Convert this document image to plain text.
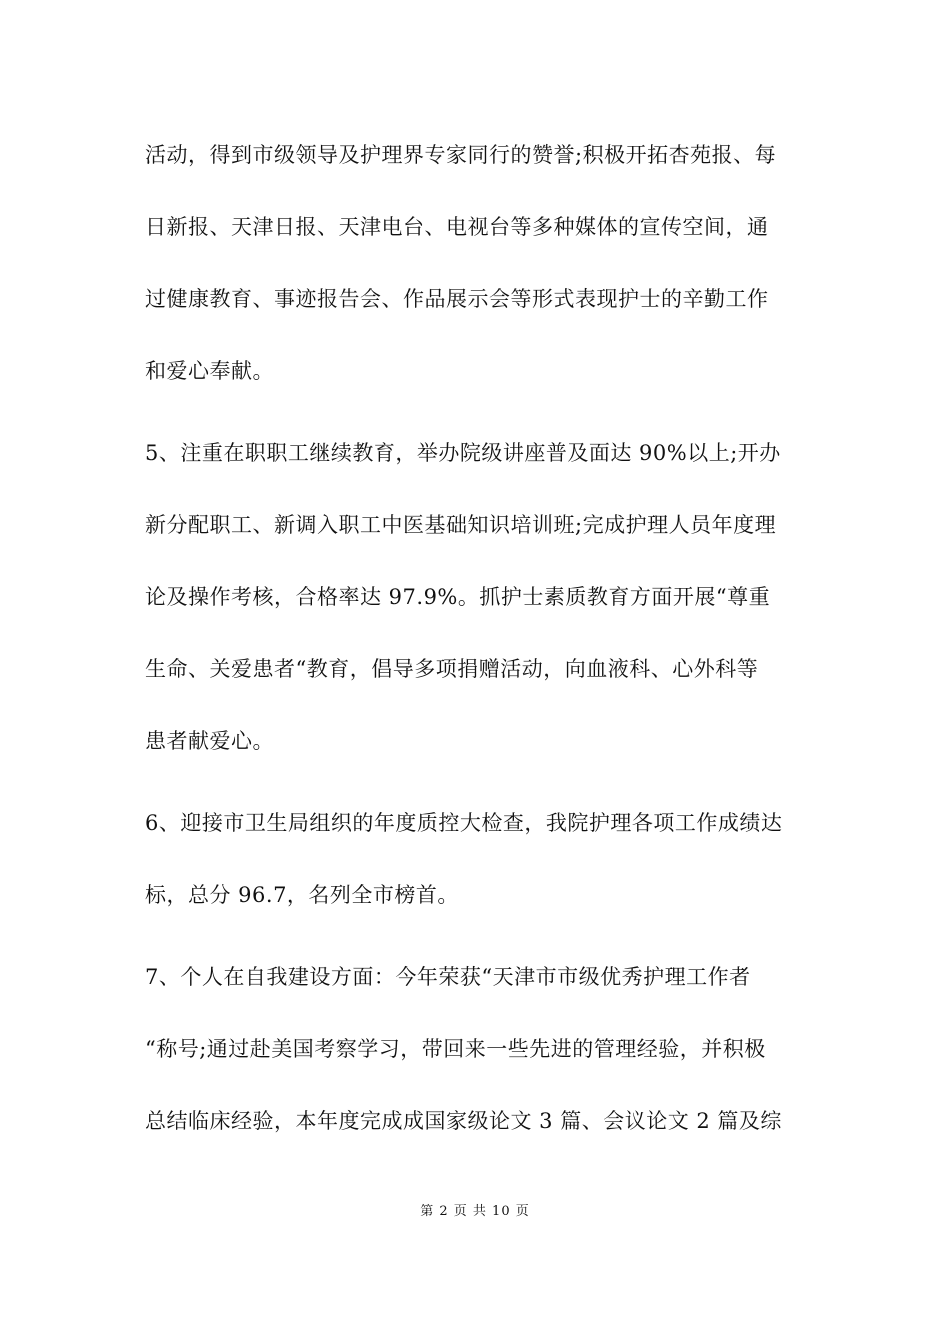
活动，得到市级领导及护理界专家同行的赞誉;积极开拓杏苑报、每
日新报、天津日报、天津电台、电视台等多种媒体的宣传空间，通
过健康教育、事迹报告会、作品展示会等形式表现护士的辛勤工作
和爱心奉献。
5、注重在职职工继续教育，举办院级讲座普及面达 90%以上;开办
新分配职工、新调入职工中医基础知识培训班;完成护理人员年度理
论及操作考核，合格率达 97.9%。抓护士素质教育方面开展“尊重
生命、关爱患者“教育，倡导多项捐赠活动，向血液科、心外科等
患者献爱心。
6、迎接市卫生局组织的年度质控大检查，我院护理各项工作成绩达
标，总分 96.7，名列全市榜首。
7、个人在自我建设方面：今年荣获“天津市市级优秀护理工作者
“称号;通过赴美国考察学习，带回来一些先进的管理经验，并积极
总结临床经验，本年度完成成国家级论文 3 篇、会议论文 2 篇及综
第 2 页 共 10 页
